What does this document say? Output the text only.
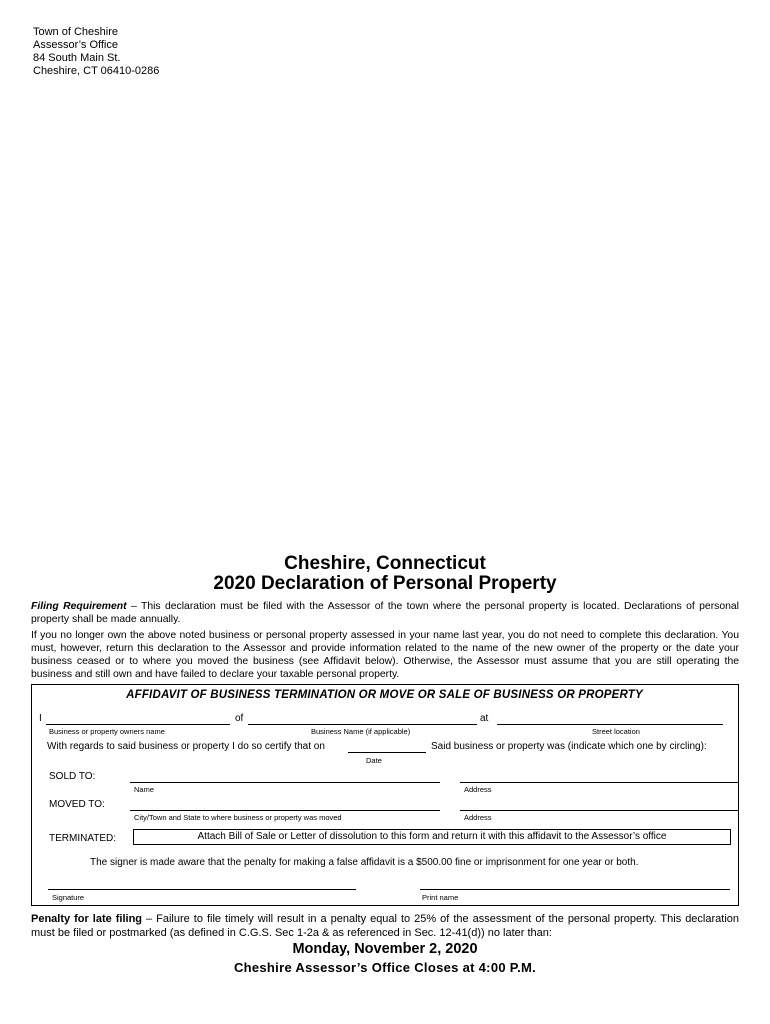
Town of Cheshire
Assessor’s Office
84 South Main St.
Cheshire, CT 06410-0286
Cheshire, Connecticut
2020 Declaration of Personal Property
Filing Requirement – This declaration must be filed with the Assessor of the town where the personal property is located. Declarations of personal property shall be made annually.
If you no longer own the above noted business or personal property assessed in your name last year, you do not need to complete this declaration. You must, however, return this declaration to the Assessor and provide information related to the name of the new owner of the property or the date your business ceased or to where you moved the business (see Affidavit below). Otherwise, the Assessor must assume that you are still operating the business and still own and have failed to declare your taxable personal property.
AFFIDAVIT OF BUSINESS TERMINATION OR MOVE OR SALE OF BUSINESS OR PROPERTY
I	of	at
Business or property owners name	Business Name (if applicable)	Street location
With regards to said business or property I do so certify that on	Said business or property was (indicate which one by circling):
Date
SOLD TO:
Name	Address
MOVED TO:
City/Town and State to where business or property was moved	Address
TERMINATED:	Attach Bill of Sale or Letter of dissolution to this form and return it with this affidavit to the Assessor’s office
The signer is made aware that the penalty for making a false affidavit is a $500.00 fine or imprisonment for one year or both.
Signature	Print name
Penalty for late filing – Failure to file timely will result in a penalty equal to 25% of the assessment of the personal property. This declaration must be filed or postmarked (as defined in C.G.S. Sec 1-2a & as referenced in Sec. 12-41(d)) no later than:
Monday, November 2, 2020
Cheshire Assessor’s Office Closes at 4:00 P.M.
